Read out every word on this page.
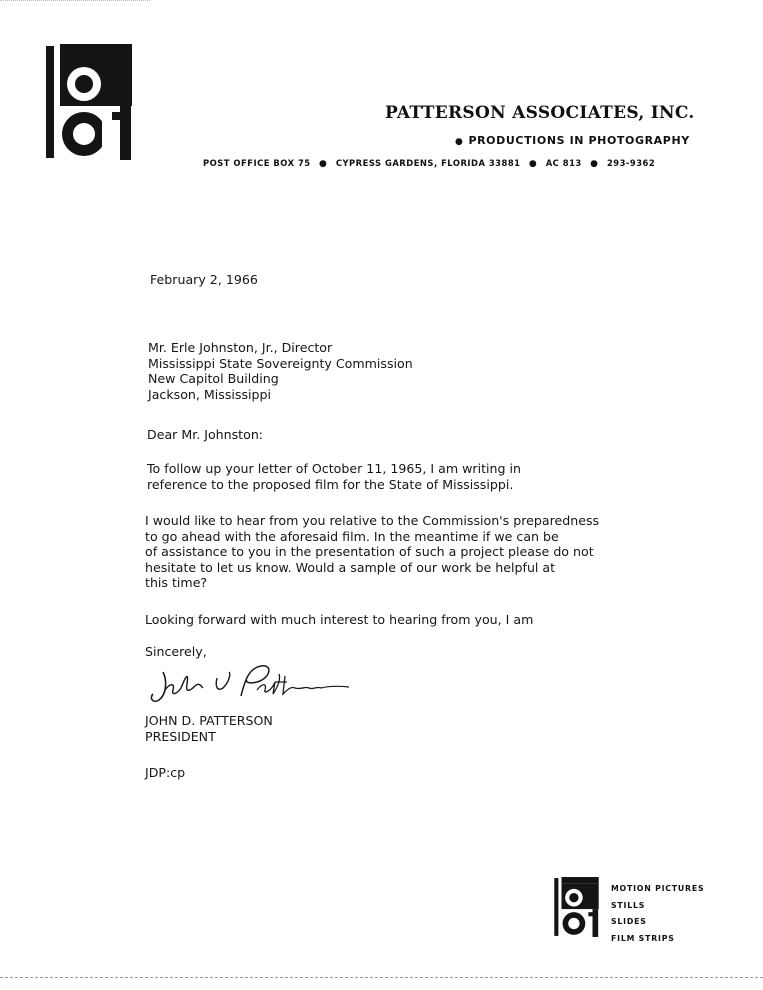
PATTERSON ASSOCIATES, INC.
● PRODUCTIONS IN PHOTOGRAPHY
POST OFFICE BOX 75 ● CYPRESS GARDENS, FLORIDA 33881 ● AC 813 ● 293-9362
February 2, 1966
Mr. Erle Johnston, Jr., Director
Mississippi State Sovereignty Commission
New Capitol Building
Jackson, Mississippi
Dear Mr. Johnston:
To follow up your letter of October 11, 1965, I am writing in
reference to the proposed film for the State of Mississippi.
I would like to hear from you relative to the Commission's preparedness
to go ahead with the aforesaid film. In the meantime if we can be
of assistance to you in the presentation of such a project please do not
hesitate to let us know. Would a sample of our work be helpful at
this time?
Looking forward with much interest to hearing from you, I am
Sincerely,
JOHN D. PATTERSON
PRESIDENT
JDP:cp
MOTION PICTURES
STILLS
SLIDES
FILM STRIPS
